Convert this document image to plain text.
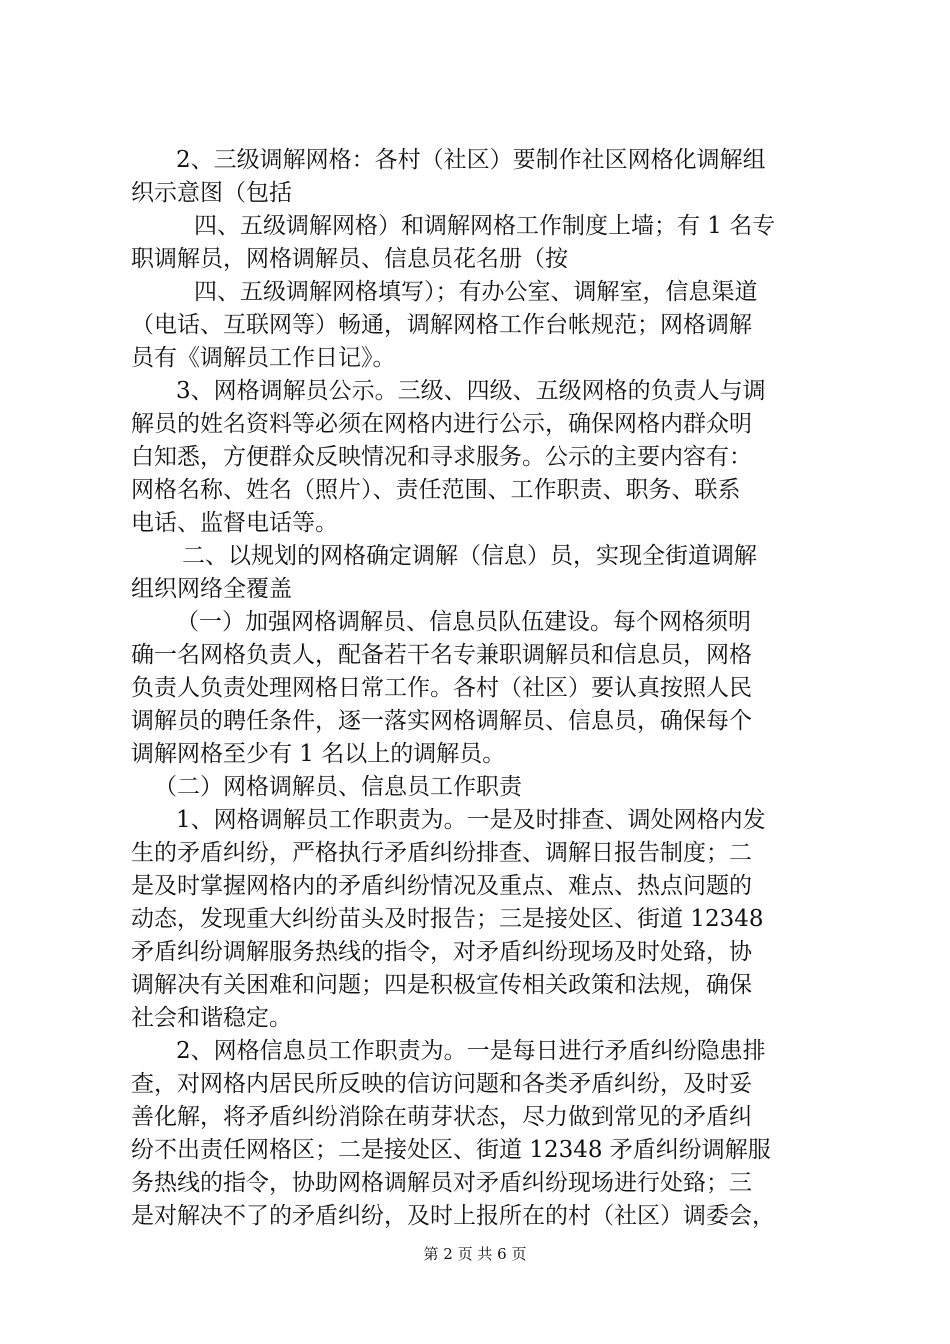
2、三级调解网格：各村（社区）要制作社区网格化调解组
织示意图（包括
四、五级调解网格）和调解网格工作制度上墙；有 1 名专
职调解员，网格调解员、信息员花名册（按
四、五级调解网格填写）；有办公室、调解室，信息渠道
（电话、互联网等）畅通，调解网格工作台帐规范；网格调解
员有《调解员工作日记》。
3、网格调解员公示。三级、四级、五级网格的负责人与调
解员的姓名资料等必须在网格内进行公示，确保网格内群众明
白知悉，方便群众反映情况和寻求服务。公示的主要内容有：
网格名称、姓名（照片）、责任范围、工作职责、职务、联系
电话、监督电话等。
二、以规划的网格确定调解（信息）员，实现全街道调解
组织网络全覆盖
（一）加强网格调解员、信息员队伍建设。每个网格须明
确一名网格负责人，配备若干名专兼职调解员和信息员，网格
负责人负责处理网格日常工作。各村（社区）要认真按照人民
调解员的聘任条件，逐一落实网格调解员、信息员，确保每个
调解网格至少有 1 名以上的调解员。
（二）网格调解员、信息员工作职责
1、网格调解员工作职责为。一是及时排查、调处网格内发
生的矛盾纠纷，严格执行矛盾纠纷排查、调解日报告制度；二
是及时掌握网格内的矛盾纠纷情况及重点、难点、热点问题的
动态，发现重大纠纷苗头及时报告；三是接处区、街道 12348
矛盾纠纷调解服务热线的指令，对矛盾纠纷现场及时处臵，协
调解决有关困难和问题；四是积极宣传相关政策和法规，确保
社会和谐稳定。
2、网格信息员工作职责为。一是每日进行矛盾纠纷隐患排
查，对网格内居民所反映的信访问题和各类矛盾纠纷，及时妥
善化解，将矛盾纠纷消除在萌芽状态，尽力做到常见的矛盾纠
纷不出责任网格区；二是接处区、街道 12348 矛盾纠纷调解服
务热线的指令，协助网格调解员对矛盾纠纷现场进行处臵；三
是对解决不了的矛盾纠纷，及时上报所在的村（社区）调委会，
第 2 页 共 6 页
